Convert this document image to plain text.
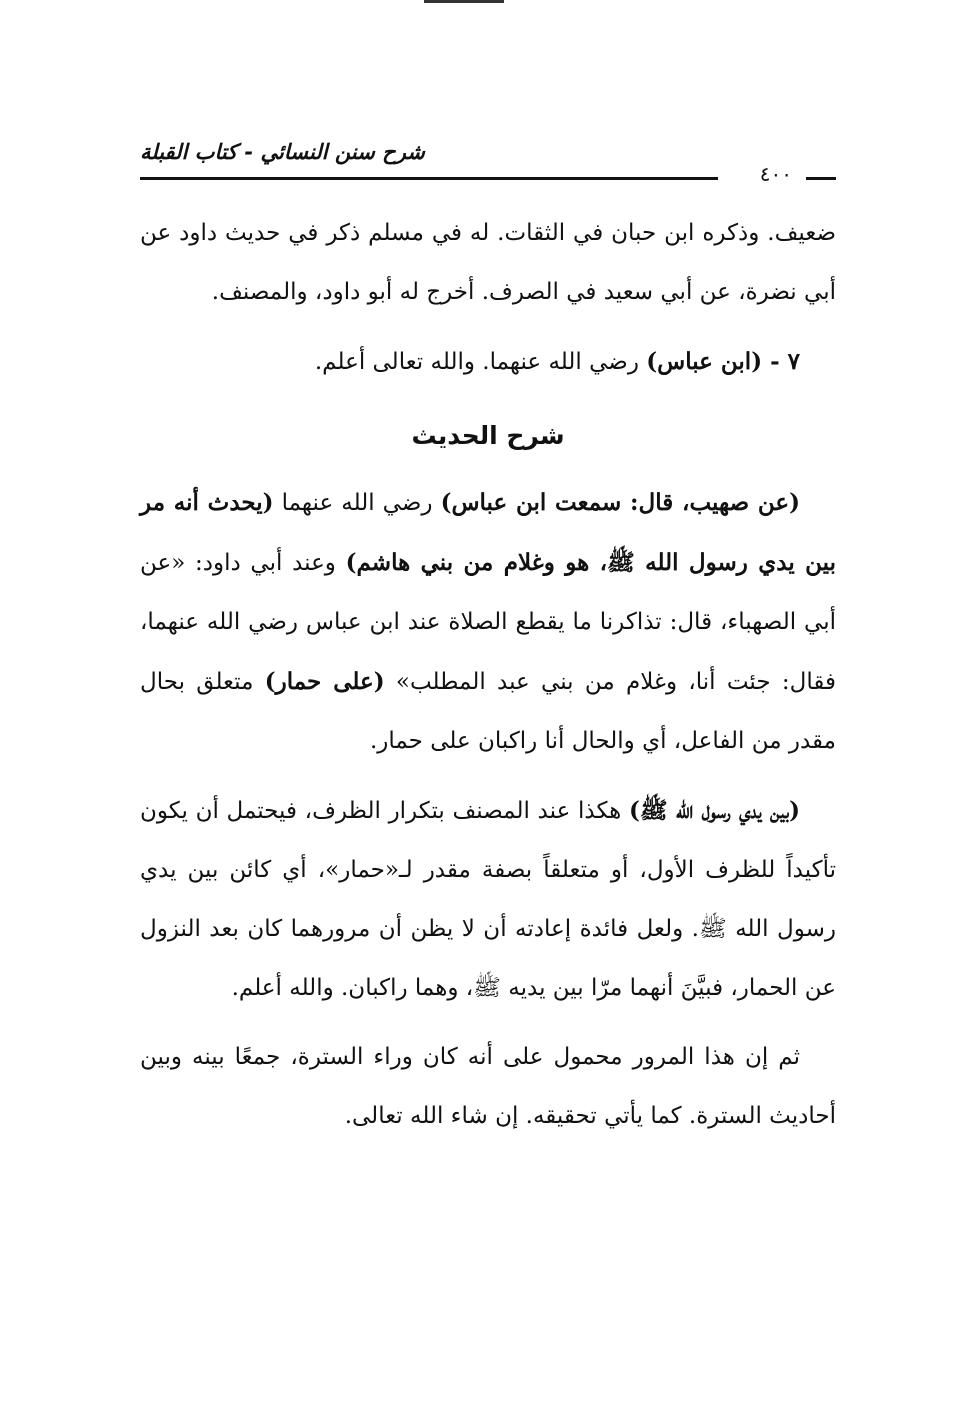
شرح سنن النسائي - كتاب القبلة
٤٠٠

ضعيف. وذكره ابن حبان في الثقات. له في مسلم ذكر في حديث داود عن أبي نضرة، عن أبي سعيد في الصرف. أخرج له أبو داود، والمصنف.

٧ - (ابن عباس) رضي الله عنهما. والله تعالى أعلم.

شرح الحديث

(عن صهيب، قال: سمعت ابن عباس) رضي الله عنهما (يحدث أنه مر بين يدي رسول الله ﷺ، هو وغلام من بني هاشم) وعند أبي داود: «عن أبي الصهباء، قال: تذاكرنا ما يقطع الصلاة عند ابن عباس رضي الله عنهما، فقال: جئت أنا، وغلام من بني عبد المطلب» (على حمار) متعلق بحال مقدر من الفاعل، أي والحال أنا راكبان على حمار.

(بين يدي رسول الله ﷺ) هكذا عند المصنف بتكرار الظرف، فيحتمل أن يكون تأكيداً للظرف الأول، أو متعلقاً بصفة مقدر لـ«حمار»، أي كائن بين يدي رسول الله ﷺ. ولعل فائدة إعادته أن لا يظن أن مرورهما كان بعد النزول عن الحمار، فبيَّنَ أنهما مرّا بين يديه ﷺ، وهما راكبان. والله أعلم.

ثم إن هذا المرور محمول على أنه كان وراء السترة، جمعًا بينه وبين أحاديث السترة. كما يأتي تحقيقه. إن شاء الله تعالى.
